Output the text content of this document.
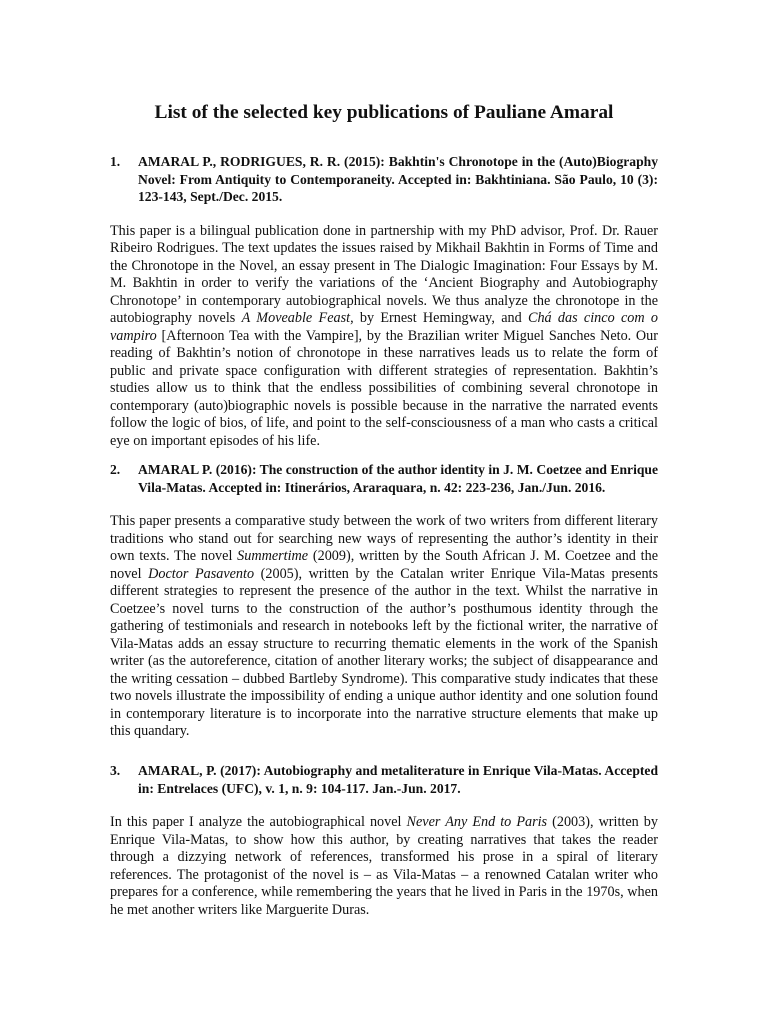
List of the selected key publications of Pauliane Amaral
1.	AMARAL P., RODRIGUES, R. R. (2015): Bakhtin's Chronotope in the (Auto)Biography Novel: From Antiquity to Contemporaneity. Accepted in: Bakhtiniana. São Paulo, 10 (3): 123-143, Sept./Dec. 2015.

This paper is a bilingual publication done in partnership with my PhD advisor, Prof. Dr. Rauer Ribeiro Rodrigues. The text updates the issues raised by Mikhail Bakhtin in Forms of Time and the Chronotope in the Novel, an essay present in The Dialogic Imagination: Four Essays by M. M. Bakhtin in order to verify the variations of the ‘Ancient Biography and Autobiography Chronotope’ in contemporary autobiographical novels. We thus analyze the chronotope in the autobiography novels A Moveable Feast, by Ernest Hemingway, and Chá das cinco com o vampiro [Afternoon Tea with the Vampire], by the Brazilian writer Miguel Sanches Neto. Our reading of Bakhtin’s notion of chronotope in these narratives leads us to relate the form of public and private space configuration with different strategies of representation. Bakhtin’s studies allow us to think that the endless possibilities of combining several chronotope in contemporary (auto)biographic novels is possible because in the narrative the narrated events follow the logic of bios, of life, and point to the self-consciousness of a man who casts a critical eye on important episodes of his life.

2.	AMARAL P. (2016): The construction of the author identity in J. M. Coetzee and Enrique Vila-Matas. Accepted in: Itinerários, Araraquara, n. 42: 223-236, Jan./Jun. 2016.

This paper presents a comparative study between the work of two writers from different literary traditions who stand out for searching new ways of representing the author’s identity in their own texts. The novel Summertime (2009), written by the South African J. M. Coetzee and the novel Doctor Pasavento (2005), written by the Catalan writer Enrique Vila-Matas presents different strategies to represent the presence of the author in the text. Whilst the narrative in Coetzee’s novel turns to the construction of the author’s posthumous identity through the gathering of testimonials and research in notebooks left by the fictional writer, the narrative of Vila-Matas adds an essay structure to recurring thematic elements in the work of the Spanish writer (as the autoreference, citation of another literary works; the subject of disappearance and the writing cessation – dubbed Bartleby Syndrome). This comparative study indicates that these two novels illustrate the impossibility of ending a unique author identity and one solution found in contemporary literature is to incorporate into the narrative structure elements that make up this quandary.

3.	AMARAL, P. (2017): Autobiography and metaliterature in Enrique Vila-Matas. Accepted in: Entrelaces (UFC), v. 1, n. 9: 104-117. Jan.-Jun. 2017.

In this paper I analyze the autobiographical novel Never Any End to Paris (2003), written by Enrique Vila-Matas, to show how this author, by creating narratives that takes the reader through a dizzying network of references, transformed his prose in a spiral of literary references. The protagonist of the novel is – as Vila-Matas – a renowned Catalan writer who prepares for a conference, while remembering the years that he lived in Paris in the 1970s, when he met another writers like Marguerite Duras.
